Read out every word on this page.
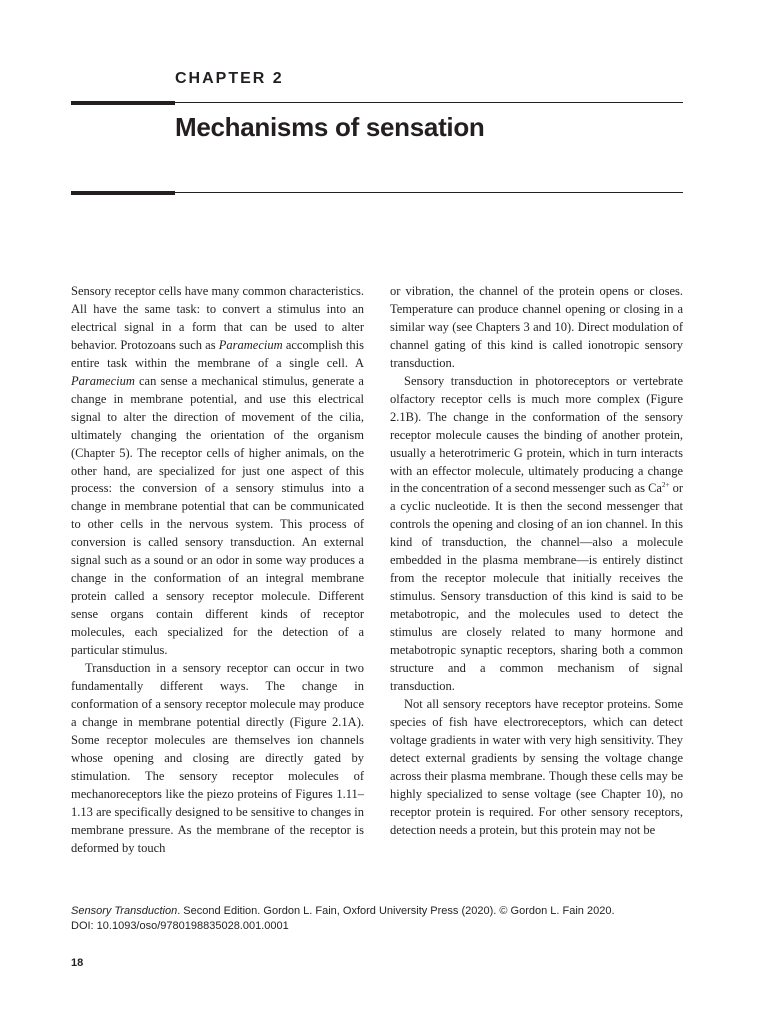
CHAPTER 2
Mechanisms of sensation

Sensory receptor cells have many common characteristics. All have the same task: to convert a stimulus into an electrical signal in a form that can be used to alter behavior. Protozoans such as Paramecium accomplish this entire task within the membrane of a single cell. A Paramecium can sense a mechanical stimulus, generate a change in membrane potential, and use this electrical signal to alter the direction of movement of the cilia, ultimately changing the orientation of the organism (Chapter 5). The receptor cells of higher animals, on the other hand, are specialized for just one aspect of this process: the conversion of a sensory stimulus into a change in membrane potential that can be communicated to other cells in the nervous system. This process of conversion is called sensory transduction. An external signal such as a sound or an odor in some way produces a change in the conformation of an integral membrane protein called a sensory receptor molecule. Different sense organs contain different kinds of receptor molecules, each specialized for the detection of a particular stimulus.

Transduction in a sensory receptor can occur in two fundamentally different ways. The change in conformation of a sensory receptor molecule may produce a change in membrane potential directly (Figure 2.1A). Some receptor molecules are themselves ion channels whose opening and closing are directly gated by stimulation. The sensory receptor molecules of mechanoreceptors like the piezo proteins of Figures 1.11–1.13 are specifically designed to be sensitive to changes in membrane pressure. As the membrane of the receptor is deformed by touch

or vibration, the channel of the protein opens or closes. Temperature can produce channel opening or closing in a similar way (see Chapters 3 and 10). Direct modulation of channel gating of this kind is called ionotropic sensory transduction.

Sensory transduction in photoreceptors or vertebrate olfactory receptor cells is much more complex (Figure 2.1B). The change in the conformation of the sensory receptor molecule causes the binding of another protein, usually a heterotrimeric G protein, which in turn interacts with an effector molecule, ultimately producing a change in the concentration of a second messenger such as $Ca^{2+}$ or a cyclic nucleotide. It is then the second messenger that controls the opening and closing of an ion channel. In this kind of transduction, the channel—also a molecule embedded in the plasma membrane—is entirely distinct from the receptor molecule that initially receives the stimulus. Sensory transduction of this kind is said to be metabotropic, and the molecules used to detect the stimulus are closely related to many hormone and metabotropic synaptic receptors, sharing both a common structure and a common mechanism of signal transduction.

Not all sensory receptors have receptor proteins. Some species of fish have electroreceptors, which can detect voltage gradients in water with very high sensitivity. They detect external gradients by sensing the voltage change across their plasma membrane. Though these cells may be highly specialized to sense voltage (see Chapter 10), no receptor protein is required. For other sensory receptors, detection needs a protein, but this protein may not be

Sensory Transduction. Second Edition. Gordon L. Fain, Oxford University Press (2020). © Gordon L. Fain 2020.
DOI: 10.1093/oso/9780198835028.001.0001
18
